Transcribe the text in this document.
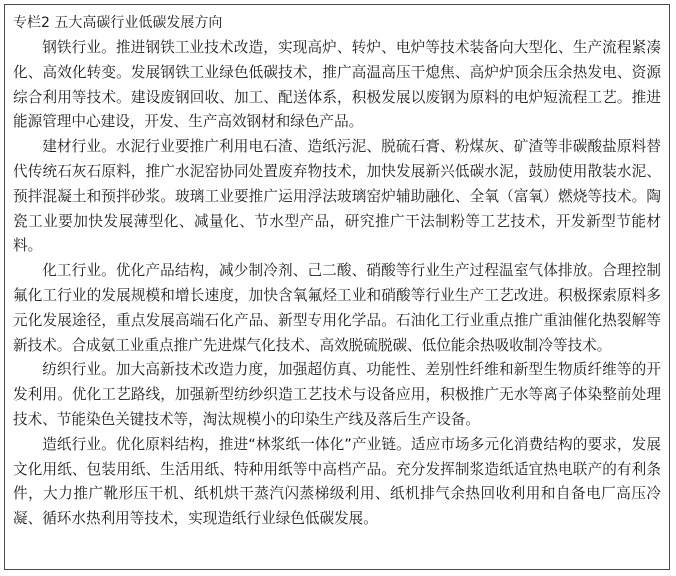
专栏2 五大高碳行业低碳发展方向

钢铁行业。推进钢铁工业技术改造，实现高炉、转炉、电炉等技术装备向大型化、生产流程紧凑化、高效化转变。发展钢铁工业绿色低碳技术，推广高温高压干熄焦、高炉炉顶余压余热发电、资源综合利用等技术。建设废钢回收、加工、配送体系，积极发展以废钢为原料的电炉短流程工艺。推进能源管理中心建设，开发、生产高效钢材和绿色产品。

建材行业。水泥行业要推广利用电石渣、造纸污泥、脱硫石膏、粉煤灰、矿渣等非碳酸盐原料替代传统石灰石原料，推广水泥窑协同处置废弃物技术，加快发展新兴低碳水泥，鼓励使用散装水泥、预拌混凝土和预拌砂浆。玻璃工业要推广运用浮法玻璃窑炉辅助融化、全氧（富氧）燃烧等技术。陶瓷工业要加快发展薄型化、减量化、节水型产品，研究推广干法制粉等工艺技术，开发新型节能材料。

化工行业。优化产品结构，减少制冷剂、己二酸、硝酸等行业生产过程温室气体排放。合理控制氟化工行业的发展规模和增长速度，加快含氧氟烃工业和硝酸等行业生产工艺改进。积极探索原料多元化发展途径，重点发展高端石化产品、新型专用化学品。石油化工行业重点推广重油催化热裂解等新技术。合成氨工业重点推广先进煤气化技术、高效脱硫脱碳、低位能余热吸收制冷等技术。

纺织行业。加大高新技术改造力度，加强超仿真、功能性、差别性纤维和新型生物质纤维等的开发利用。优化工艺路线，加强新型纺纱织造工艺技术与设备应用，积极推广无水等离子体染整前处理技术、节能染色关键技术等，淘汰规模小的印染生产线及落后生产设备。

造纸行业。优化原料结构，推进“林浆纸一体化”产业链。适应市场多元化消费结构的要求，发展文化用纸、包装用纸、生活用纸、特种用纸等中高档产品。充分发挥制浆造纸适宜热电联产的有利条件，大力推广靴形压干机、纸机烘干蒸汽闪蒸梯级利用、纸机排气余热回收利用和自备电厂高压冷凝、循环水热利用等技术，实现造纸行业绿色低碳发展。
